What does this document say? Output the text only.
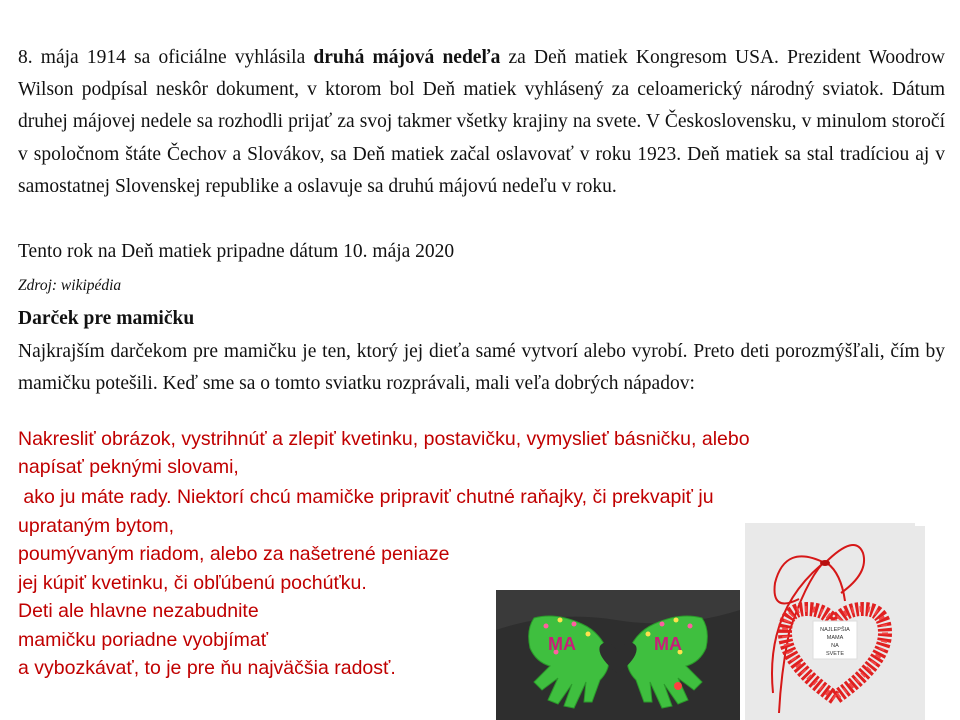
8. mája 1914 sa oficiálne vyhlásila druhá májová nedeľa za Deň matiek Kongresom USA. Prezident Woodrow Wilson podpísal neskôr dokument, v ktorom bol Deň matiek vyhlásený za celoamerický národný sviatok. Dátum druhej májovej nedele sa rozhodli prijať za svoj takmer všetky krajiny na svete. V Československu, v minulom storočí v spoločnom štáte Čechov a Slovákov, sa Deň matiek začal oslavovať v roku 1923. Deň matiek sa stal tradíciou aj v samostatnej Slovenskej republike a oslavuje sa druhú májovú nedeľu v roku.

Tento rok na Deň matiek pripadne dátum 10. mája 2020

Zdroj: wikipédia

Darček pre mamičku

Najkrajším darčekom pre mamičku je ten, ktorý jej dieťa samé vytvorí alebo vyrobí. Preto deti porozmýšľali, čím by mamičku potešili. Keď sme sa o tomto sviatku rozprávali, mali veľa dobrých nápadov:

Nakresliť obrázok, vystrihnúť a zlepiť kvetinku, postavičku, vymyslieť básničku, alebo

napísať peknými slovami,

ako ju máte rady. Niektorí chcú mamičke pripraviť chutné raňajky, či prekvapiť ju

uprataným bytom,

poumývaným riadom, alebo za našetrené peniaze

jej kúpiť kvetinku, či obľúbenú pochúťku.

Deti ale hlavne nezabudnite

mamičku poriadne vyobjímať

a vybozkávať, to je pre ňu najväčšia radosť.

MA	MA
NAJLEPŠIA
MAMA
NA
SVETE
